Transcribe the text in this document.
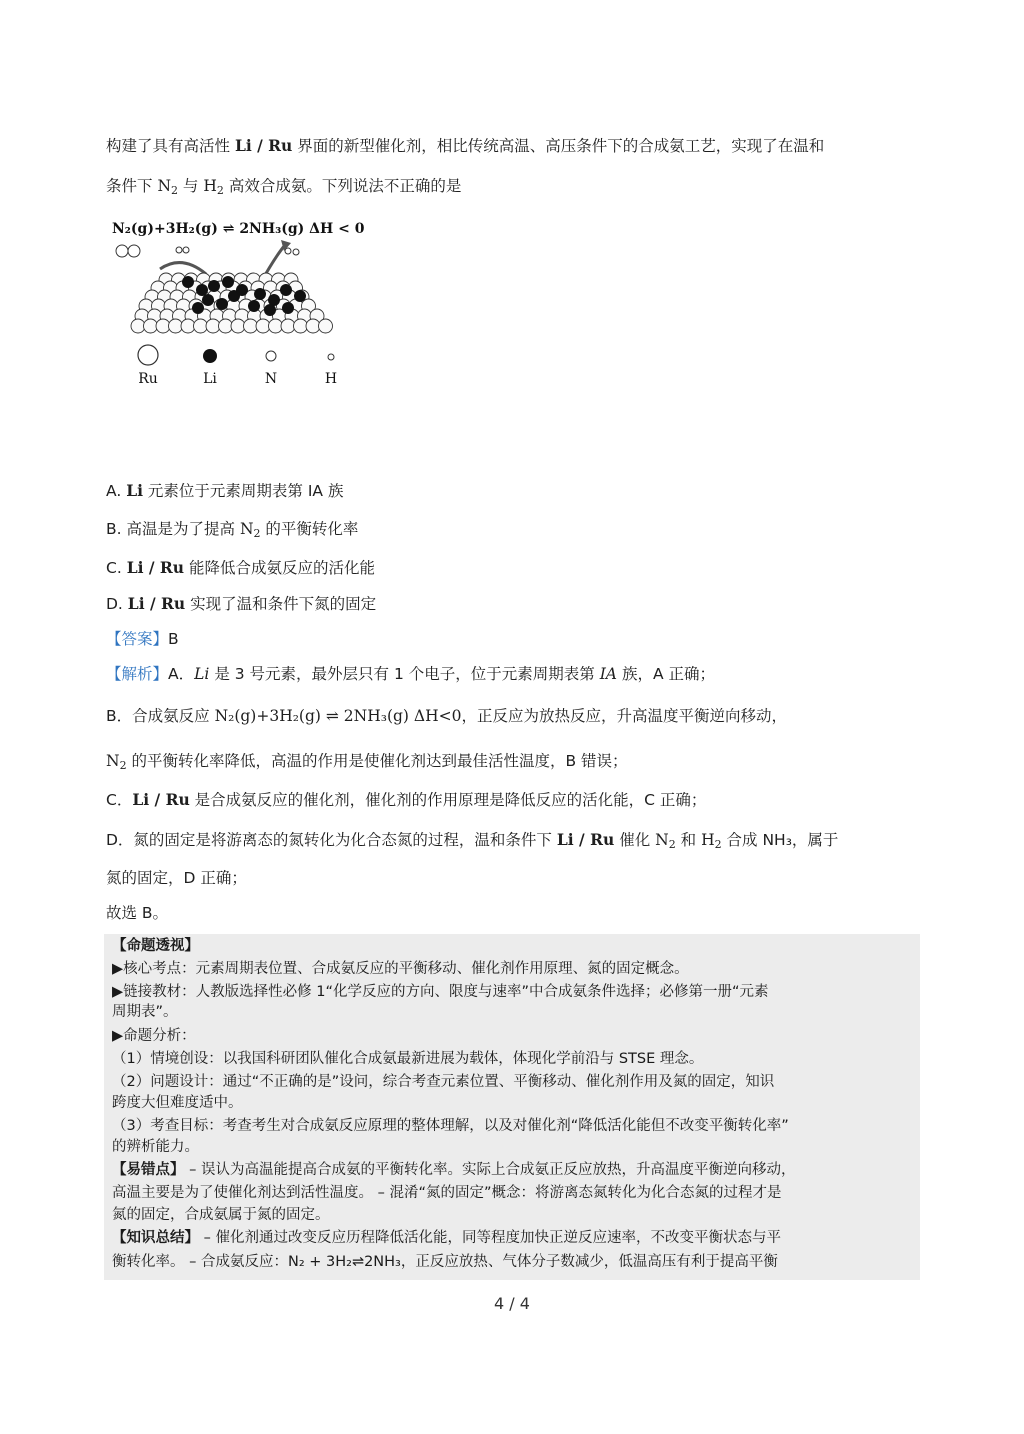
构建了具有高活性 Li / Ru 界面的新型催化剂，相比传统高温、高压条件下的合成氨工艺，实现了在温和
条件下 $N_2$ 与 $H_2$ 高效合成氨。下列说法不正确的是
N₂(g)+3H₂(g) ⇌ 2NH₃(g) ΔH < 0
Ru	Li	N	H
A. Li 元素位于元素周期表第 IA 族
B. 高温是为了提高 $N_2$ 的平衡转化率
C. Li / Ru 能降低合成氨反应的活化能
D. Li / Ru 实现了温和条件下氮的固定
【答案】B
【解析】A．Li 是 3 号元素，最外层只有 1 个电子，位于元素周期表第 IA 族，A 正确；
B．合成氨反应 N₂(g)+3H₂(g) ⇌ 2NH₃(g) ΔH<0，正反应为放热反应，升高温度平衡逆向移动，
$N_2$ 的平衡转化率降低，高温的作用是使催化剂达到最佳活性温度，B 错误；
C．Li / Ru 是合成氨反应的催化剂，催化剂的作用原理是降低反应的活化能，C 正确；
D．氮的固定是将游离态的氮转化为化合态氮的过程，温和条件下 Li / Ru 催化 $N_2$ 和 $H_2$ 合成 NH₃，属于
氮的固定，D 正确；
故选 B。
【命题透视】
▶核心考点：元素周期表位置、合成氨反应的平衡移动、催化剂作用原理、氮的固定概念。
▶链接教材：人教版选择性必修 1“化学反应的方向、限度与速率”中合成氨条件选择；必修第一册“元素
周期表”。
▶命题分析：
（1）情境创设：以我国科研团队催化合成氨最新进展为载体，体现化学前沿与 STSE 理念。
（2）问题设计：通过“不正确的是”设问，综合考查元素位置、平衡移动、催化剂作用及氮的固定，知识
跨度大但难度适中。
（3）考查目标：考查考生对合成氨反应原理的整体理解，以及对催化剂“降低活化能但不改变平衡转化率”
的辨析能力。
【易错点】 – 误认为高温能提高合成氨的平衡转化率。实际上合成氨正反应放热，升高温度平衡逆向移动，
高温主要是为了使催化剂达到活性温度。 – 混淆“氮的固定”概念：将游离态氮转化为化合态氮的过程才是
氮的固定，合成氨属于氮的固定。
【知识总结】 – 催化剂通过改变反应历程降低活化能，同等程度加快正逆反应速率，不改变平衡状态与平
衡转化率。 – 合成氨反应：N₂ + 3H₂⇌2NH₃，正反应放热、气体分子数减少，低温高压有利于提高平衡
4 / 4
